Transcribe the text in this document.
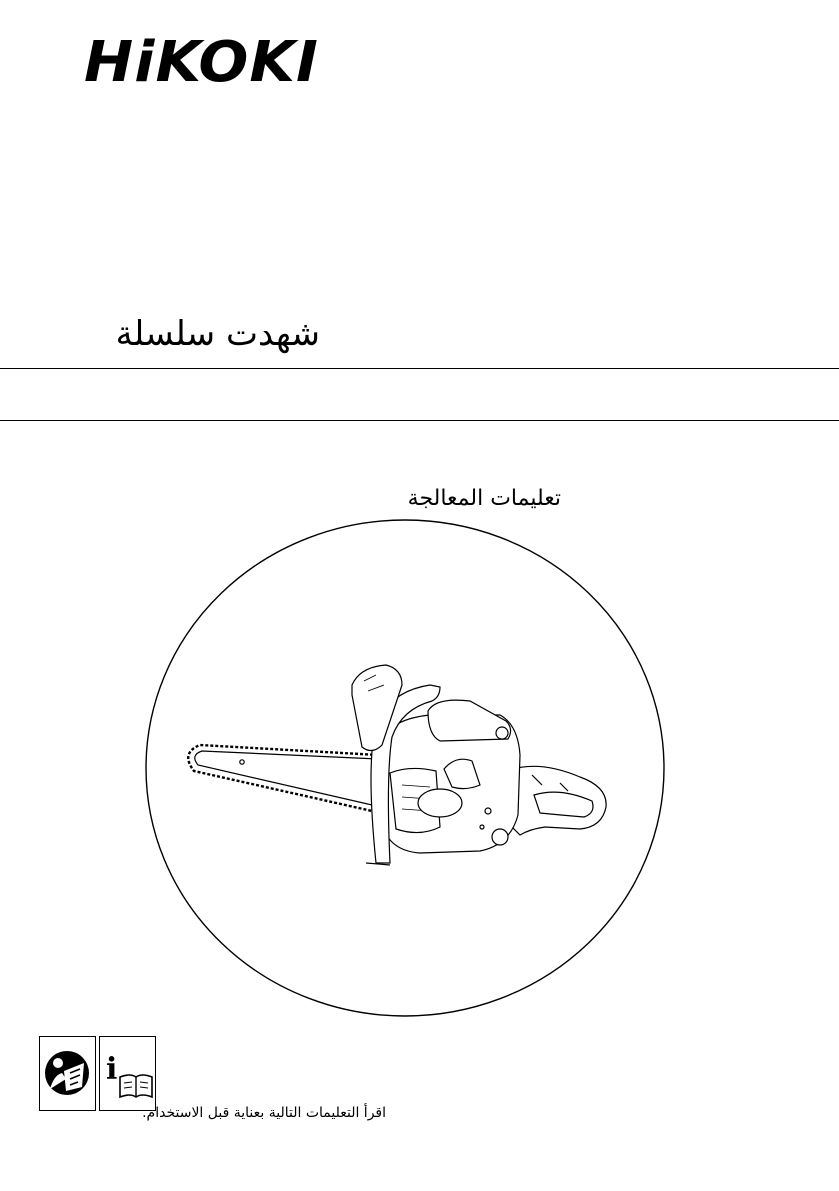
HiKOKI
شهدت سلسلة
تعليمات المعالجة
i
اقرأ التعليمات التالية بعناية قبل الاستخدام.
